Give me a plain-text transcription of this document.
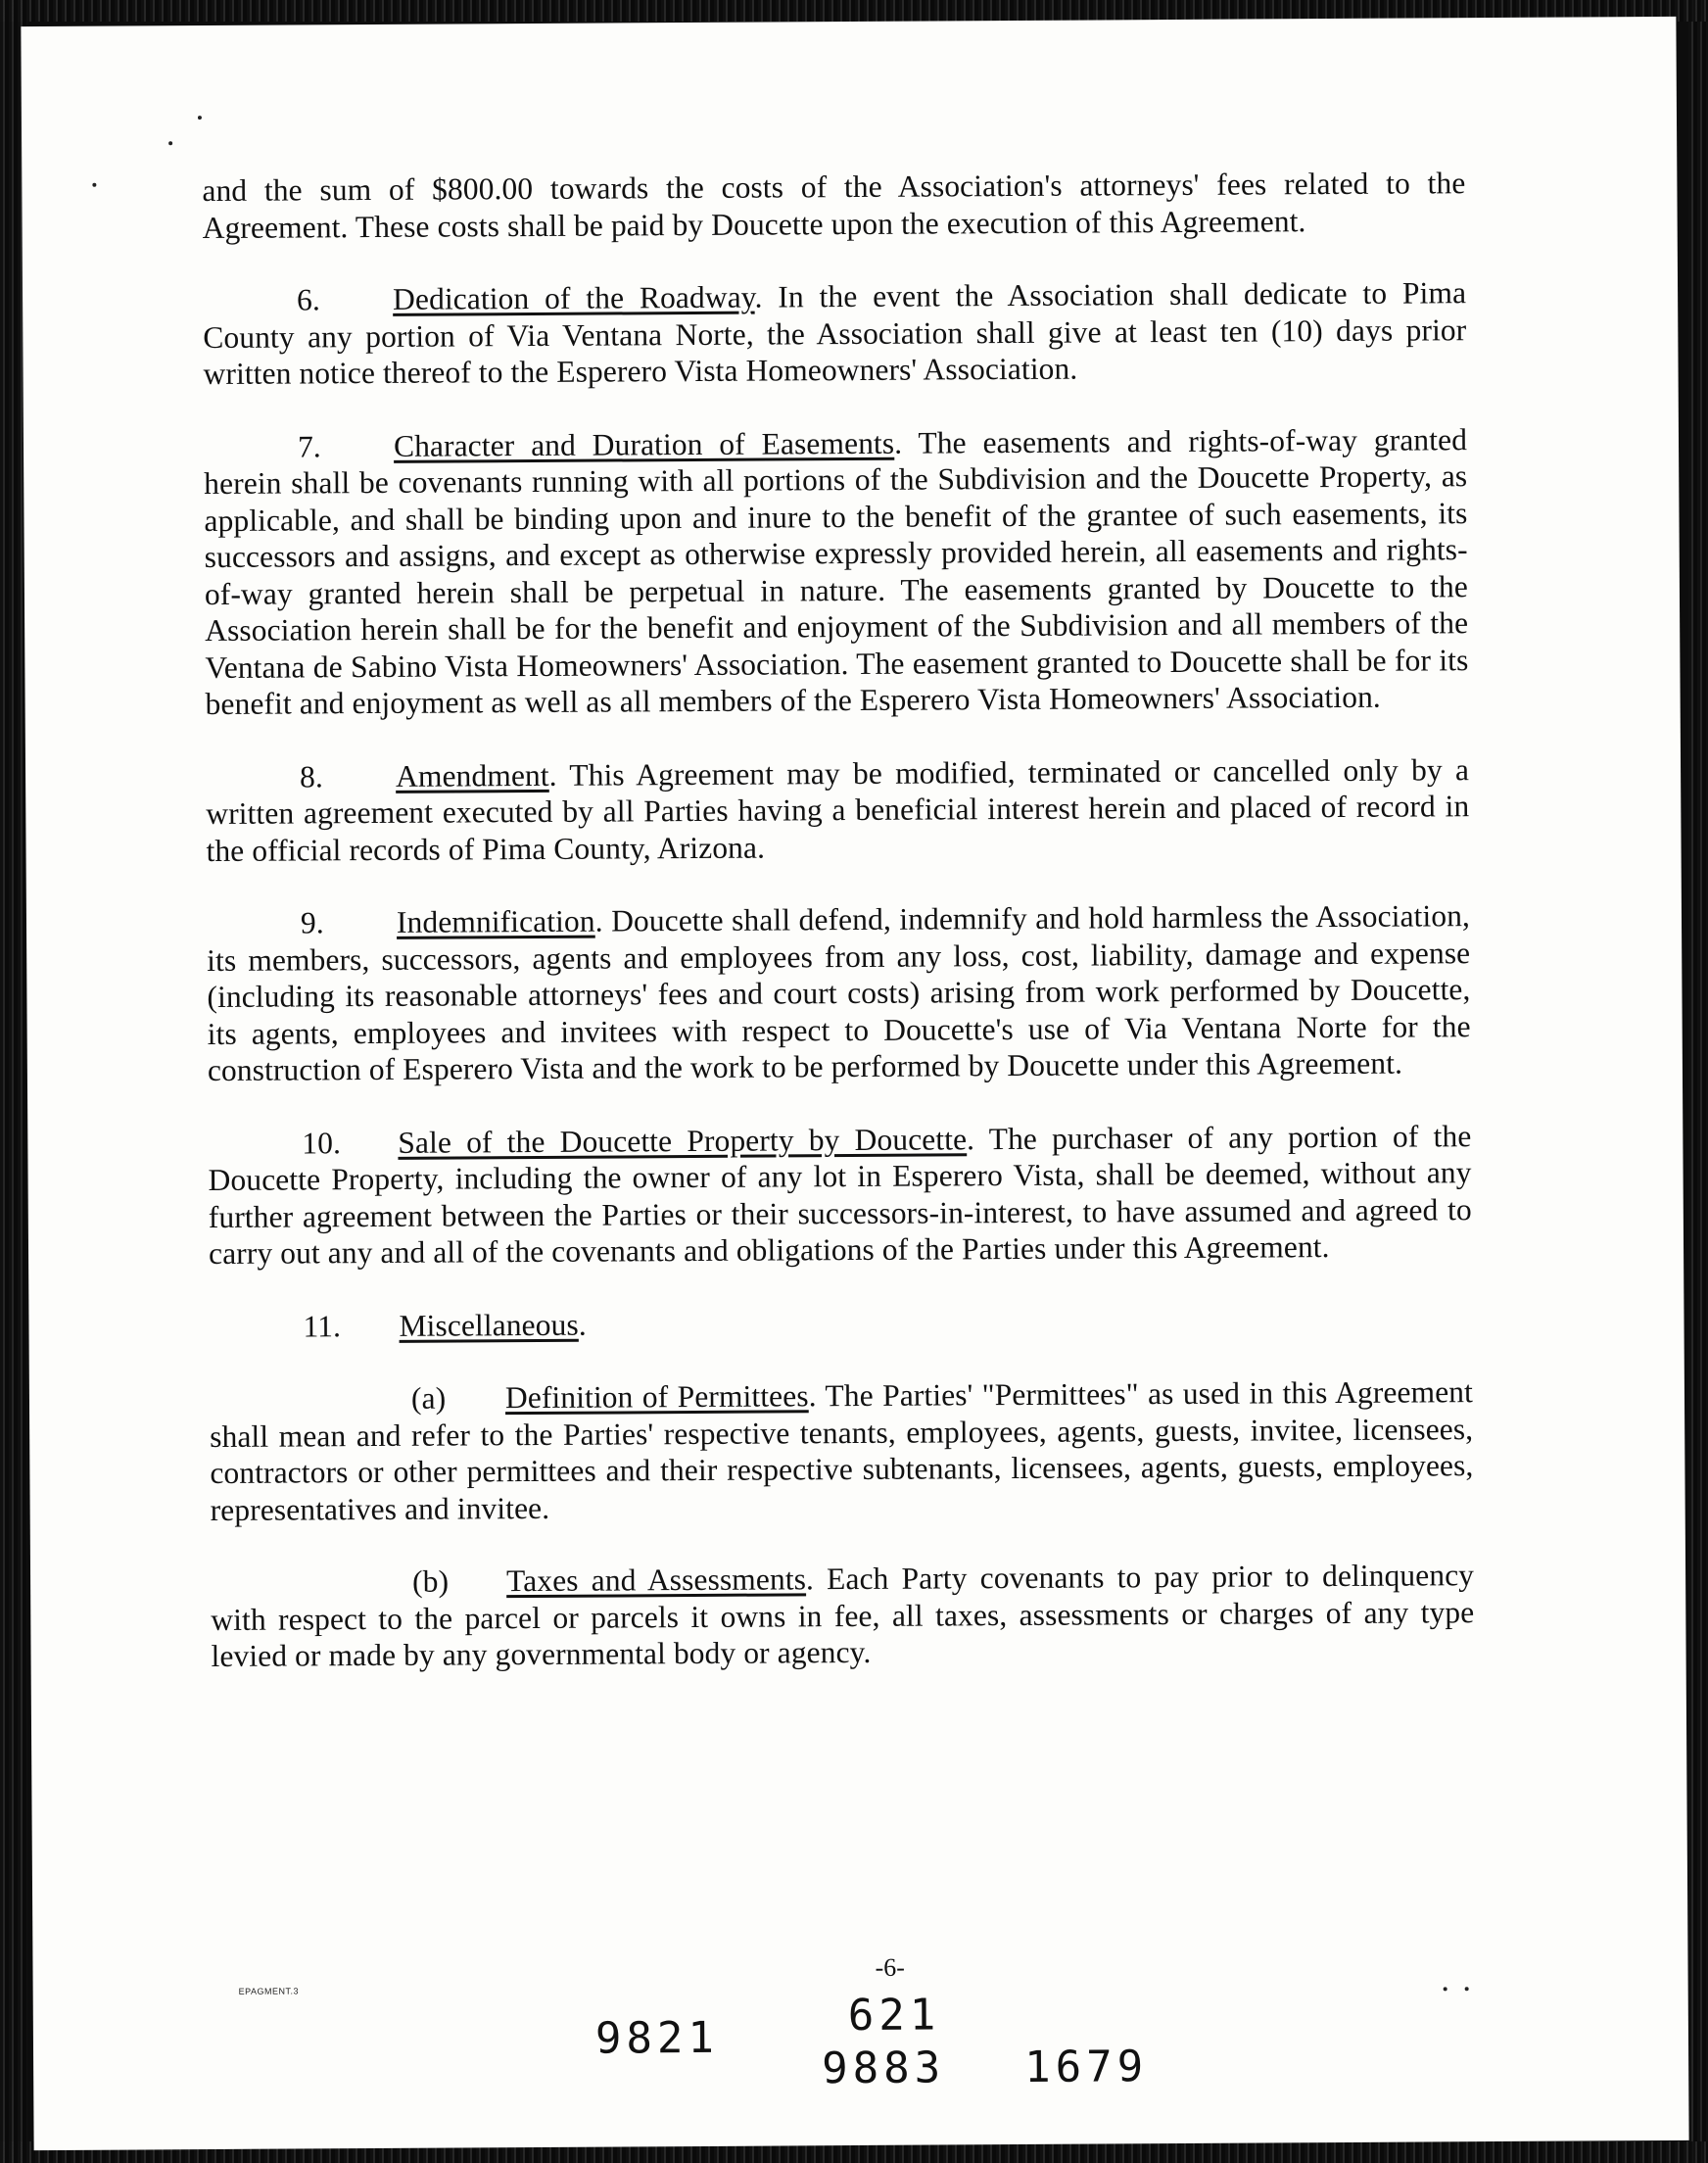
and the sum of $800.00 towards the costs of the Association's attorneys' fees related to the Agreement. These costs shall be paid by Doucette upon the execution of this Agreement.

6. Dedication of the Roadway. In the event the Association shall dedicate to Pima County any portion of Via Ventana Norte, the Association shall give at least ten (10) days prior written notice thereof to the Esperero Vista Homeowners' Association.

7. Character and Duration of Easements. The easements and rights-of-way granted herein shall be covenants running with all portions of the Subdivision and the Doucette Property, as applicable, and shall be binding upon and inure to the benefit of the grantee of such easements, its successors and assigns, and except as otherwise expressly provided herein, all easements and rights-of-way granted herein shall be perpetual in nature. The easements granted by Doucette to the Association herein shall be for the benefit and enjoyment of the Subdivision and all members of the Ventana de Sabino Vista Homeowners' Association. The easement granted to Doucette shall be for its benefit and enjoyment as well as all members of the Esperero Vista Homeowners' Association.

8. Amendment. This Agreement may be modified, terminated or cancelled only by a written agreement executed by all Parties having a beneficial interest herein and placed of record in the official records of Pima County, Arizona.

9. Indemnification. Doucette shall defend, indemnify and hold harmless the Association, its members, successors, agents and employees from any loss, cost, liability, damage and expense (including its reasonable attorneys' fees and court costs) arising from work performed by Doucette, its agents, employees and invitees with respect to Doucette's use of Via Ventana Norte for the construction of Esperero Vista and the work to be performed by Doucette under this Agreement.

10. Sale of the Doucette Property by Doucette. The purchaser of any portion of the Doucette Property, including the owner of any lot in Esperero Vista, shall be deemed, without any further agreement between the Parties or their successors-in-interest, to have assumed and agreed to carry out any and all of the covenants and obligations of the Parties under this Agreement.

11. Miscellaneous.

(a) Definition of Permittees. The Parties' "Permittees" as used in this Agreement shall mean and refer to the Parties' respective tenants, employees, agents, guests, invitee, licensees, contractors or other permittees and their respective subtenants, licensees, agents, guests, employees, representatives and invitee.

(b) Taxes and Assessments. Each Party covenants to pay prior to delinquency with respect to the parcel or parcels it owns in fee, all taxes, assessments or charges of any type levied or made by any governmental body or agency.

-6-
EPAGMENT.3
9821	621
9883 1679
